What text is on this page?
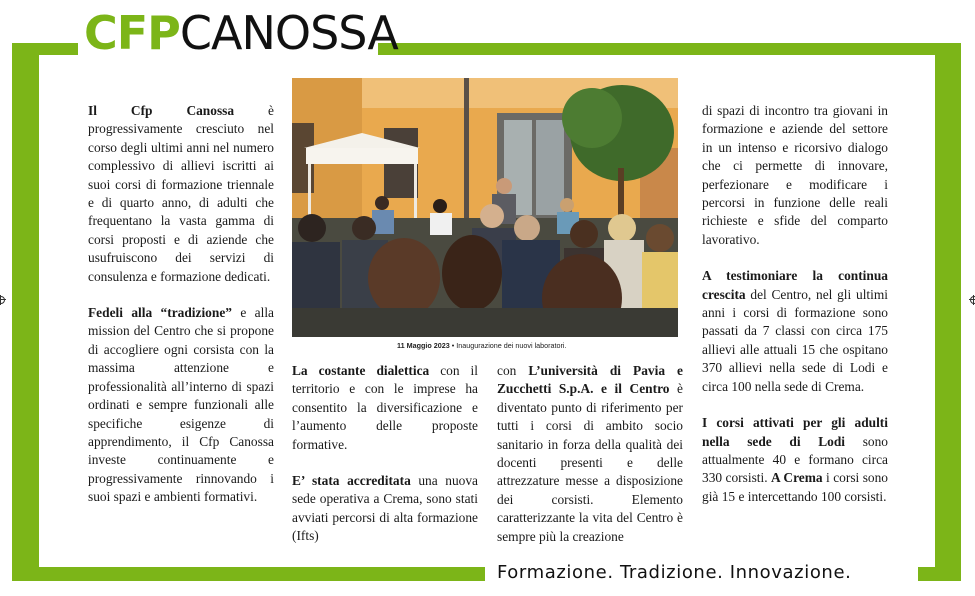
CFPCANOSSA

Il Cfp Canossa è progressivamente cresciuto nel corso degli ultimi anni nel numero complessivo di allievi iscritti ai suoi corsi di formazione triennale e di quarto anno, di adulti che frequentano la vasta gamma di corsi proposti e di aziende che usufruiscono dei servizi di consulenza e formazione dedicati.

Fedeli alla “tradizione” e alla mission del Centro che si propone di accogliere ogni corsista con la massima attenzione e professionalità all’interno di spazi ordinati e sempre funzionali alle specifiche esigenze di apprendimento, il Cfp Canossa investe continuamente e progressivamente rinnovando i suoi spazi e ambienti formativi.

11 Maggio 2023 • Inaugurazione dei nuovi laboratori.

La costante dialettica con il territorio e con le imprese ha consentito la diversificazione e l’aumento delle proposte formative.

E’ stata accreditata una nuova sede operativa a Crema, sono stati avviati percorsi di alta formazione (Ifts)

con L’università di Pavia e Zucchetti S.p.A. e il Centro è diventato punto di riferimento per tutti i corsi di ambito socio sanitario in forza della qualità dei docenti presenti e delle attrezzature messe a disposizione dei corsisti. Elemento caratterizzante la vita del Centro è sempre più la creazione

di spazi di incontro tra giovani in formazione e aziende del settore in un intenso e ricorsivo dialogo che ci permette di innovare, perfezionare e modificare i percorsi in funzione delle reali richieste e sfide del comparto lavorativo.

A testimoniare la continua crescita del Centro, nel gli ultimi anni i corsi di formazione sono passati da 7 classi con circa 175 allievi alle attuali 15 che ospitano 370 allievi nella sede di Lodi e circa 100 nella sede di Crema.

I corsi attivati per gli adulti nella sede di Lodi sono attualmente 40 e formano circa 330 corsisti. A Crema i corsi sono già 15 e intercettando 100 corsisti.

Formazione. Tradizione. Innovazione.
